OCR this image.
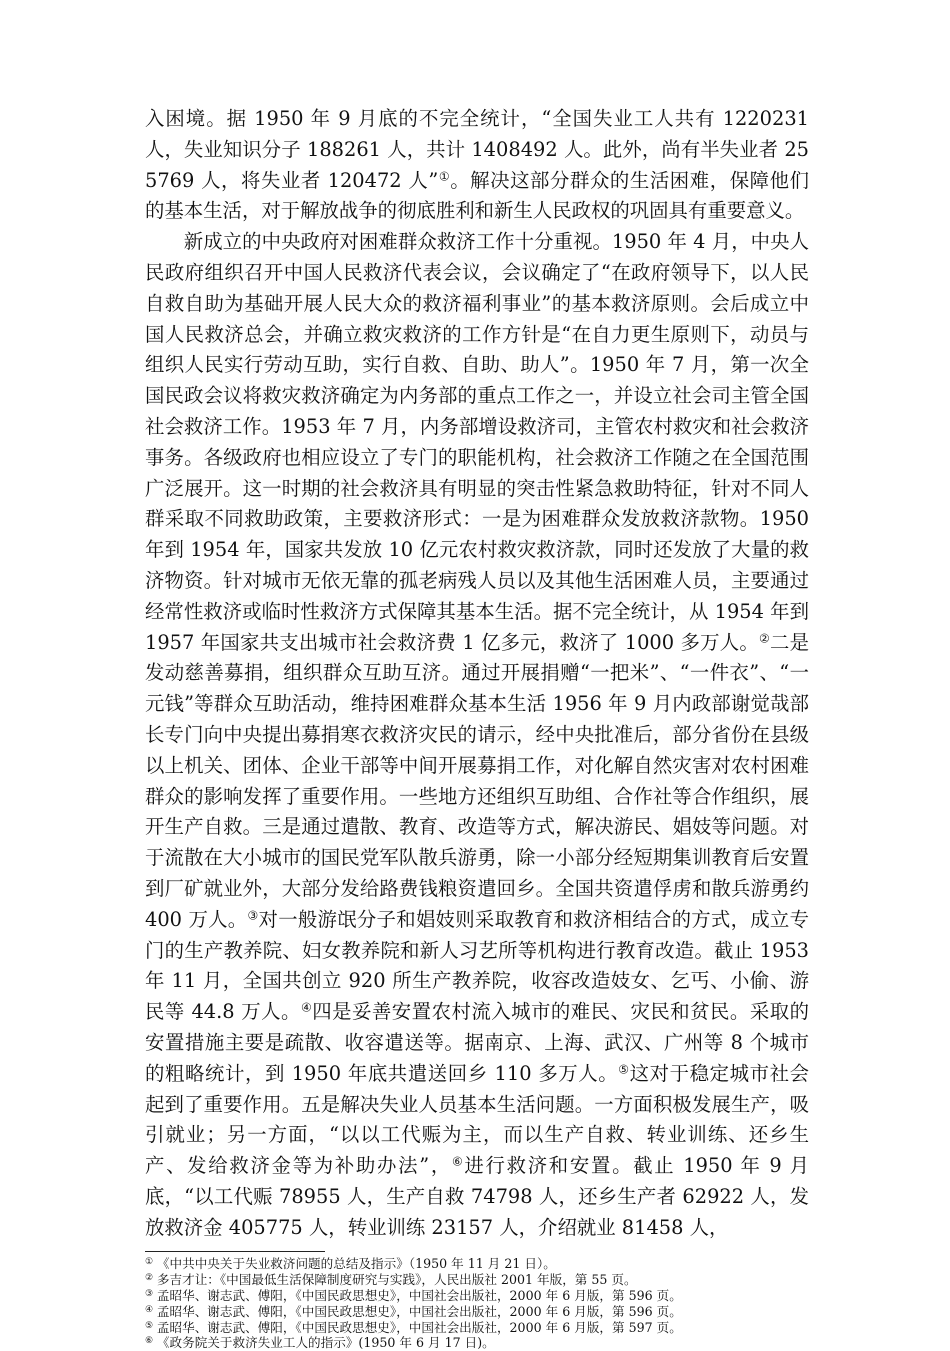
入困境。据 1950 年 9 月底的不完全统计，“全国失业工人共有 1220231 人，失业知识分子 188261 人，共计 1408492 人。此外，尚有半失业者 255769 人，将失业者 120472 人”①。解决这部分群众的生活困难，保障他们的基本生活，对于解放战争的彻底胜利和新生人民政权的巩固具有重要意义。

新成立的中央政府对困难群众救济工作十分重视。1950 年 4 月，中央人民政府组织召开中国人民救济代表会议，会议确定了“在政府领导下，以人民自救自助为基础开展人民大众的救济福利事业”的基本救济原则。会后成立中国人民救济总会，并确立救灾救济的工作方针是“在自力更生原则下，动员与组织人民实行劳动互助，实行自救、自助、助人”。1950 年 7 月，第一次全国民政会议将救灾救济确定为内务部的重点工作之一，并设立社会司主管全国社会救济工作。1953 年 7 月，内务部增设救济司，主管农村救灾和社会救济事务。各级政府也相应设立了专门的职能机构，社会救济工作随之在全国范围广泛展开。这一时期的社会救济具有明显的突击性紧急救助特征，针对不同人群采取不同救助政策，主要救济形式：一是为困难群众发放救济款物。1950 年到 1954 年，国家共发放 10 亿元农村救灾救济款，同时还发放了大量的救济物资。针对城市无依无靠的孤老病残人员以及其他生活困难人员，主要通过经常性救济或临时性救济方式保障其基本生活。据不完全统计，从 1954 年到 1957 年国家共支出城市社会救济费 1 亿多元，救济了 1000 多万人。②二是发动慈善募捐，组织群众互助互济。通过开展捐赠“一把米”、“一件衣”、“一元钱”等群众互助活动，维持困难群众基本生活 1956 年 9 月内政部谢觉哉部长专门向中央提出募捐寒衣救济灾民的请示，经中央批准后，部分省份在县级以上机关、团体、企业干部等中间开展募捐工作，对化解自然灾害对农村困难群众的影响发挥了重要作用。一些地方还组织互助组、合作社等合作组织，展开生产自救。三是通过遣散、教育、改造等方式，解决游民、娼妓等问题。对于流散在大小城市的国民党军队散兵游勇，除一小部分经短期集训教育后安置到厂矿就业外，大部分发给路费钱粮资遣回乡。全国共资遣俘虏和散兵游勇约 400 万人。③对一般游氓分子和娼妓则采取教育和救济相结合的方式，成立专门的生产教养院、妇女教养院和新人习艺所等机构进行教育改造。截止 1953 年 11 月，全国共创立 920 所生产教养院，收容改造妓女、乞丐、小偷、游民等 44.8 万人。④四是妥善安置农村流入城市的难民、灾民和贫民。采取的安置措施主要是疏散、收容遣送等。据南京、上海、武汉、广州等 8 个城市的粗略统计，到 1950 年底共遣送回乡 110 多万人。⑤这对于稳定城市社会起到了重要作用。五是解决失业人员基本生活问题。一方面积极发展生产，吸引就业；另一方面，“以以工代赈为主，而以生产自救、转业训练、还乡生产、发给救济金等为补助办法”，⑥进行救济和安置。截止 1950 年 9 月底，“以工代赈 78955 人，生产自救 74798 人，还乡生产者 62922 人，发放救济金 405775 人，转业训练 23157 人，介绍就业 81458 人，

① 《中共中央关于失业救济问题的总结及指示》（1950 年 11 月 21 日）。

② 多吉才让：《中国最低生活保障制度研究与实践》，人民出版社 2001 年版，第 55 页。

③ 孟昭华、谢志武、傅阳，《中国民政思想史》，中国社会出版社，2000 年 6 月版，第 596 页。

④ 孟昭华、谢志武、傅阳，《中国民政思想史》，中国社会出版社，2000 年 6 月版，第 596 页。

⑤ 孟昭华、谢志武、傅阳，《中国民政思想史》，中国社会出版社，2000 年 6 月版，第 597 页。

⑥ 《政务院关于救济失业工人的指示》(1950 年 6 月 17 日)。
